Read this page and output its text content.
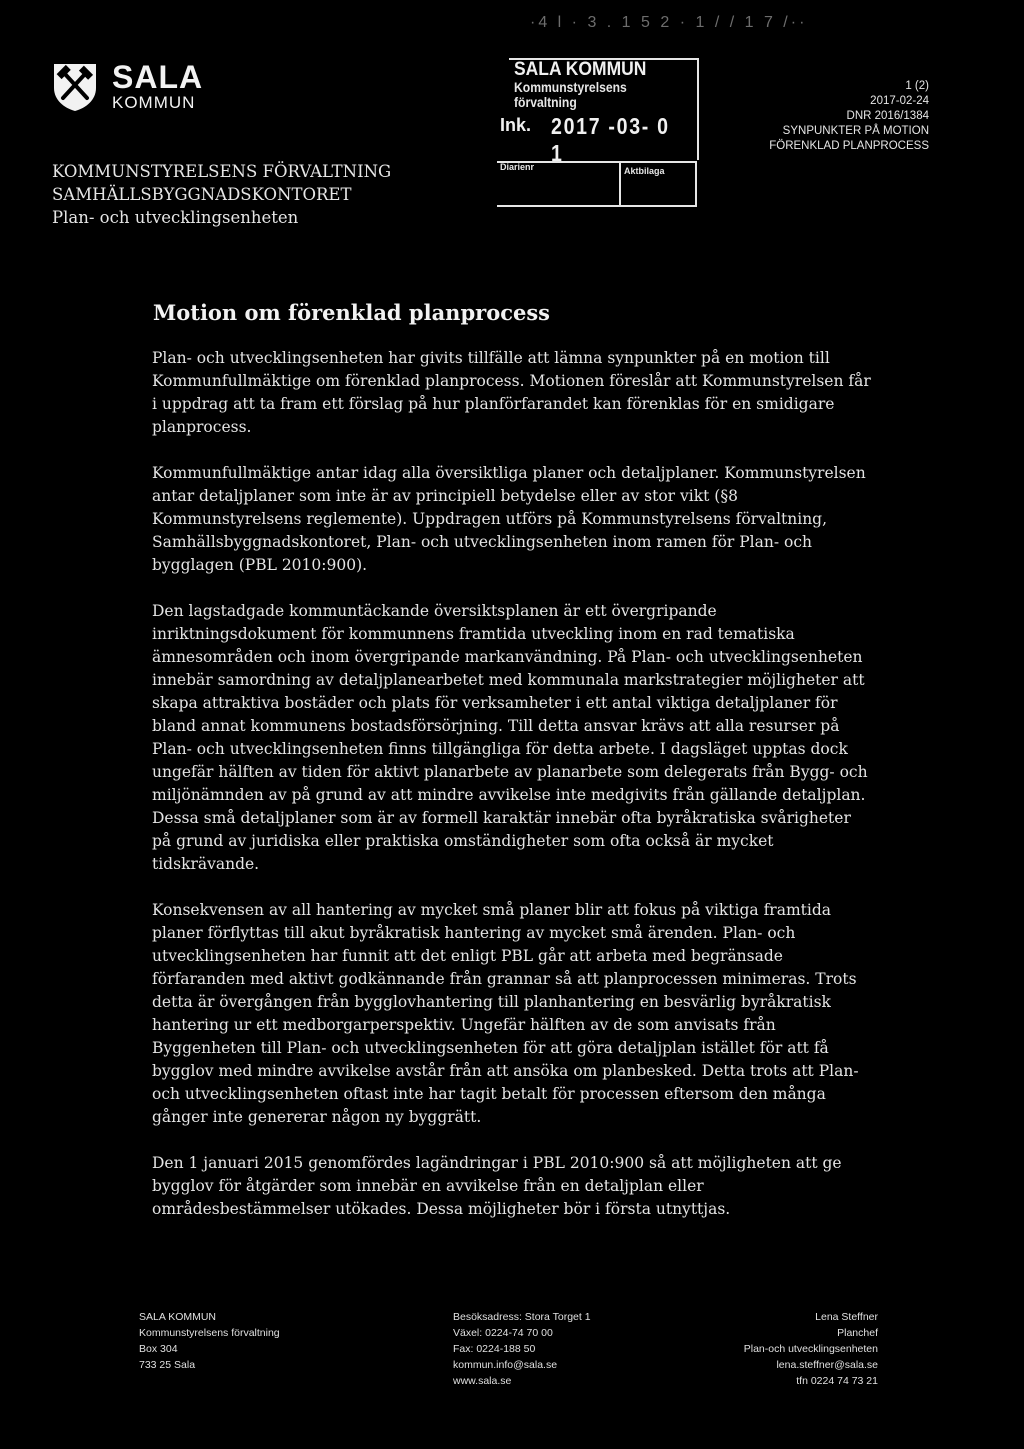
·4 l · 3 . 1 5 2 · 1 / / 1 7 /··
SALA
KOMMUN
KOMMUNSTYRELSENS FÖRVALTNING
SAMHÄLLSBYGGNADSKONTORET
Plan- och utvecklingsenheten
SALA KOMMUN
Kommunstyrelsens förvaltning
Ink. 2017 -03- 0 1
Diarienr	Aktbilaga
1 (2)
2017-02-24
DNR 2016/1384
SYNPUNKTER PÅ MOTION
FÖRENKLAD PLANPROCESS
Motion om förenklad planprocess

Plan- och utvecklingsenheten har givits tillfälle att lämna synpunkter på en motion till Kommunfullmäktige om förenklad planprocess. Motionen föreslår att Kommunstyrelsen får i uppdrag att ta fram ett förslag på hur planförfarandet kan förenklas för en smidigare planprocess.

Kommunfullmäktige antar idag alla översiktliga planer och detaljplaner. Kommunstyrelsen antar detaljplaner som inte är av principiell betydelse eller av stor vikt (§8 Kommunstyrelsens reglemente). Uppdragen utförs på Kommunstyrelsens förvaltning, Samhällsbyggnadskontoret, Plan- och utvecklingsenheten inom ramen för Plan- och bygglagen (PBL 2010:900).

Den lagstadgade kommuntäckande översiktsplanen är ett övergripande inriktningsdokument för kommunnens framtida utveckling inom en rad tematiska ämnesområden och inom övergripande markanvändning. På Plan- och utvecklingsenheten innebär samordning av detaljplanearbetet med kommunala markstrategier möjligheter att skapa attraktiva bostäder och plats för verksamheter i ett antal viktiga detaljplaner för bland annat kommunens bostadsförsörjning. Till detta ansvar krävs att alla resurser på Plan- och utvecklingsenheten finns tillgängliga för detta arbete. I dagsläget upptas dock ungefär hälften av tiden för aktivt planarbete av planarbete som delegerats från Bygg- och miljönämnden av på grund av att mindre avvikelse inte medgivits från gällande detaljplan. Dessa små detaljplaner som är av formell karaktär innebär ofta byråkratiska svårigheter på grund av juridiska eller praktiska omständigheter som ofta också är mycket tidskrävande.

Konsekvensen av all hantering av mycket små planer blir att fokus på viktiga framtida planer förflyttas till akut byråkratisk hantering av mycket små ärenden. Plan- och utvecklingsenheten har funnit att det enligt PBL går att arbeta med begränsade förfaranden med aktivt godkännande från grannar så att planprocessen minimeras. Trots detta är övergången från bygglovhantering till planhantering en besvärlig byråkratisk hantering ur ett medborgarperspektiv. Ungefär hälften av de som anvisats från Byggenheten till Plan- och utvecklingsenheten för att göra detaljplan istället för att få bygglov med mindre avvikelse avstår från att ansöka om planbesked. Detta trots att Plan- och utvecklingsenheten oftast inte har tagit betalt för processen eftersom den många gånger inte genererar någon ny byggrätt.

Den 1 januari 2015 genomfördes lagändringar i PBL 2010:900 så att möjligheten att ge bygglov för åtgärder som innebär en avvikelse från en detaljplan eller områdesbestämmelser utökades. Dessa möjligheter bör i första utnyttjas.

SALA KOMMUN
Kommunstyrelsens förvaltning
Box 304
733 25 Sala
Besöksadress: Stora Torget 1
Växel: 0224-74 70 00
Fax: 0224-188 50
kommun.info@sala.se
www.sala.se
Lena Steffner
Planchef
Plan-och utvecklingsenheten
lena.steffner@sala.se
tfn 0224 74 73 21
